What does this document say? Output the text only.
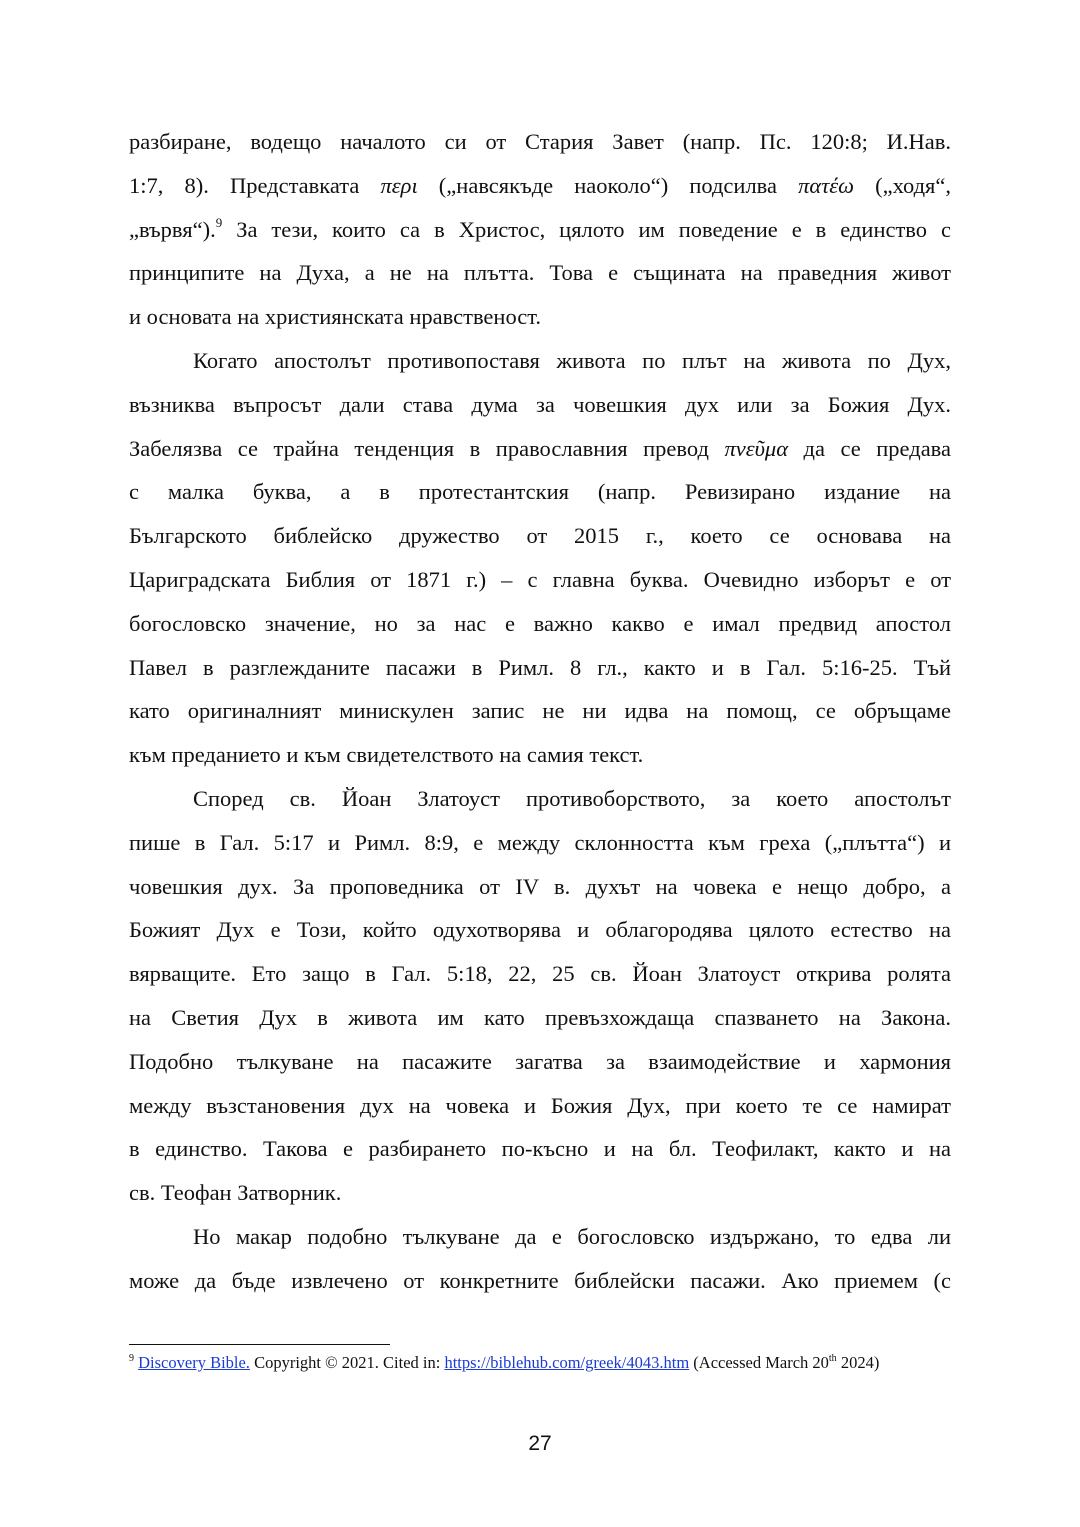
разбиране, водещо началото си от Стария Завет (напр. Пс. 120:8; И.Нав.
1:7, 8). Представката περι („навсякъде наоколо“) подсилва πατέω („ходя“,
„вървя“).$^9$ За тези, които са в Христос, цялото им поведение е в единство с
принципите на Духа, а не на плътта. Това е същината на праведния живот
и основата на християнската нравственост.
Когато апостолът противопоставя живота по плът на живота по Дух,
възниква въпросът дали става дума за човешкия дух или за Божия Дух.
Забелязва се трайна тенденция в православния превод πνεῦμα да се предава
с малка буква, а в протестантския (напр. Ревизирано издание на
Българското библейско дружество от 2015 г., което се основава на
Цариградската Библия от 1871 г.) – с главна буква. Очевидно изборът е от
богословско значение, но за нас е важно какво е имал предвид апостол
Павел в разглежданите пасажи в Римл. 8 гл., както и в Гал. 5:16-25. Тъй
като оригиналният минискулен запис не ни идва на помощ, се обръщаме
към преданието и към свидетелството на самия текст.
Според св. Йоан Златоуст противоборството, за което апостолът
пише в Гал. 5:17 и Римл. 8:9, е между склонността към греха („плътта“) и
човешкия дух. За проповедника от IV в. духът на човека е нещо добро, а
Божият Дух е Този, който одухотворява и облагородява цялото естество на
вярващите. Ето защо в Гал. 5:18, 22, 25 св. Йоан Златоуст открива ролята
на Светия Дух в живота им като превъзхождаща спазването на Закона.
Подобно тълкуване на пасажите загатва за взаимодействие и хармония
между възстановения дух на човека и Божия Дух, при което те се намират
в единство. Такова е разбирането по-късно и на бл. Теофилакт, както и на
св. Теофан Затворник.
Но макар подобно тълкуване да е богословско издържано, то едва ли
може да бъде извлечено от конкретните библейски пасажи. Ако приемем (с
$^9$ Discovery Bible. Copyright © 2021. Cited in: https://biblehub.com/greek/4043.htm (Accessed March 20th 2024)
27
